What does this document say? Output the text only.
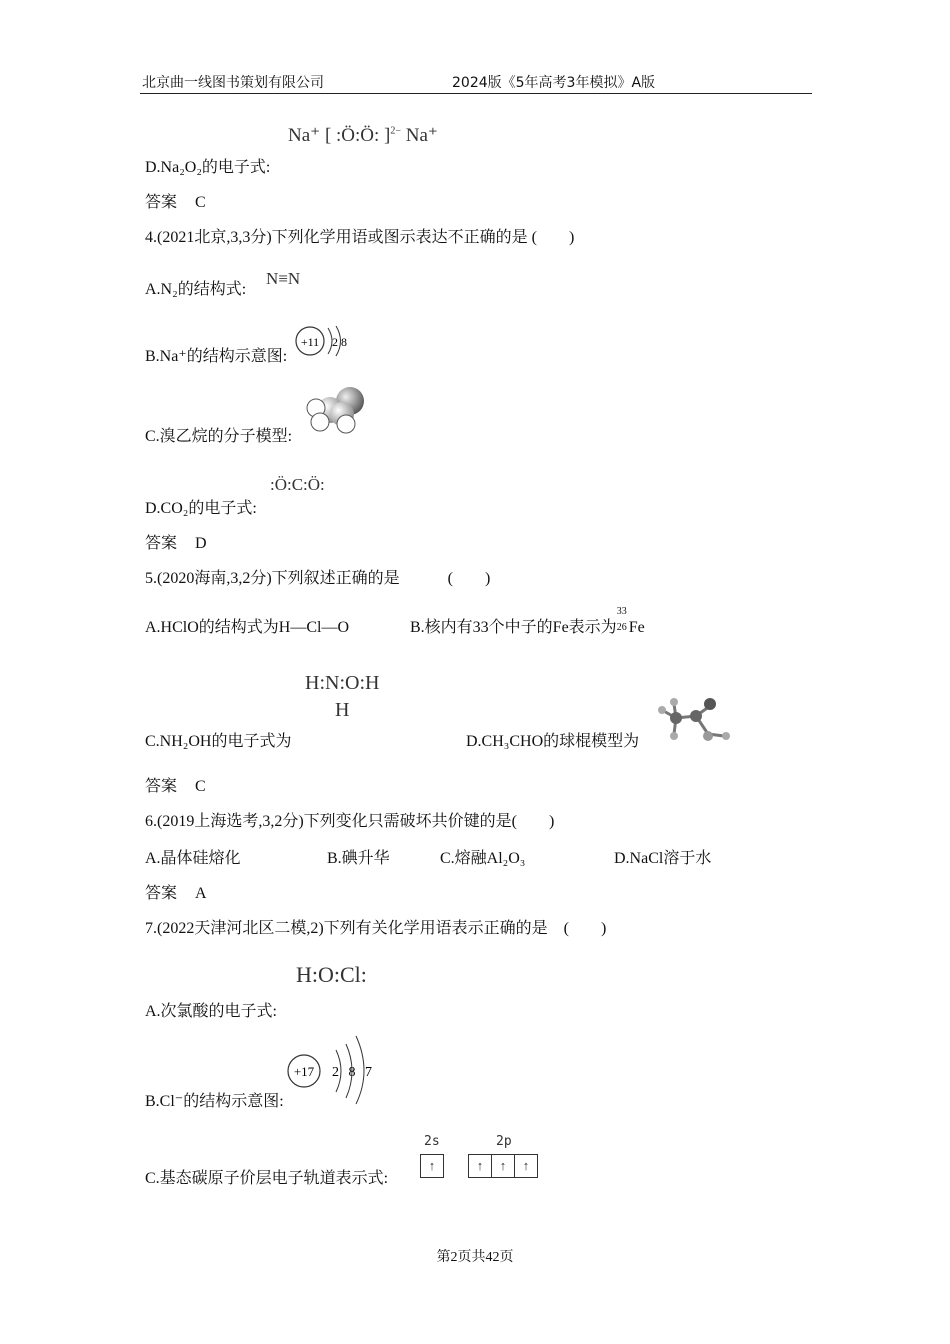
北京曲一线图书策划有限公司	2024版《5年高考3年模拟》A版
D.Na₂O₂的电子式:
Na⁺ [ :Ö:Ö: ]$^{2-}$ Na⁺
答案 C
4.(2021北京,3,3分)下列化学用语或图示表达不正确的是 (　　)
A.N₂的结构式:
N≡N
B.Na⁺的结构示意图:
+11 2 8
C.溴乙烷的分子模型:
D.CO₂的电子式:
:Ö:C:Ö:
答案 D
5.(2020海南,3,2分)下列叙述正确的是　　　(　　)
A.HClO的结构式为H—Cl—O	B.核内有33个中子的Fe表示为
33
26 Fe
H:N:O:H
H
C.NH₂OH的电子式为	D.CH₃CHO的球棍模型为
答案 C
6.(2019上海选考,3,2分)下列变化只需破坏共价键的是(　　)
A.晶体硅熔化	B.碘升华	C.熔融Al₂O₃	D.NaCl溶于水
答案 A
7.(2022天津河北区二模,2)下列有关化学用语表示正确的是　(　　)
H:O:Cl:
A.次氯酸的电子式:
+17 2 8 7
B.Cl⁻的结构示意图:
C.基态碳原子价层电子轨道表示式:
2s	2p
↑	↑ ↑ ↑
第2页共42页
